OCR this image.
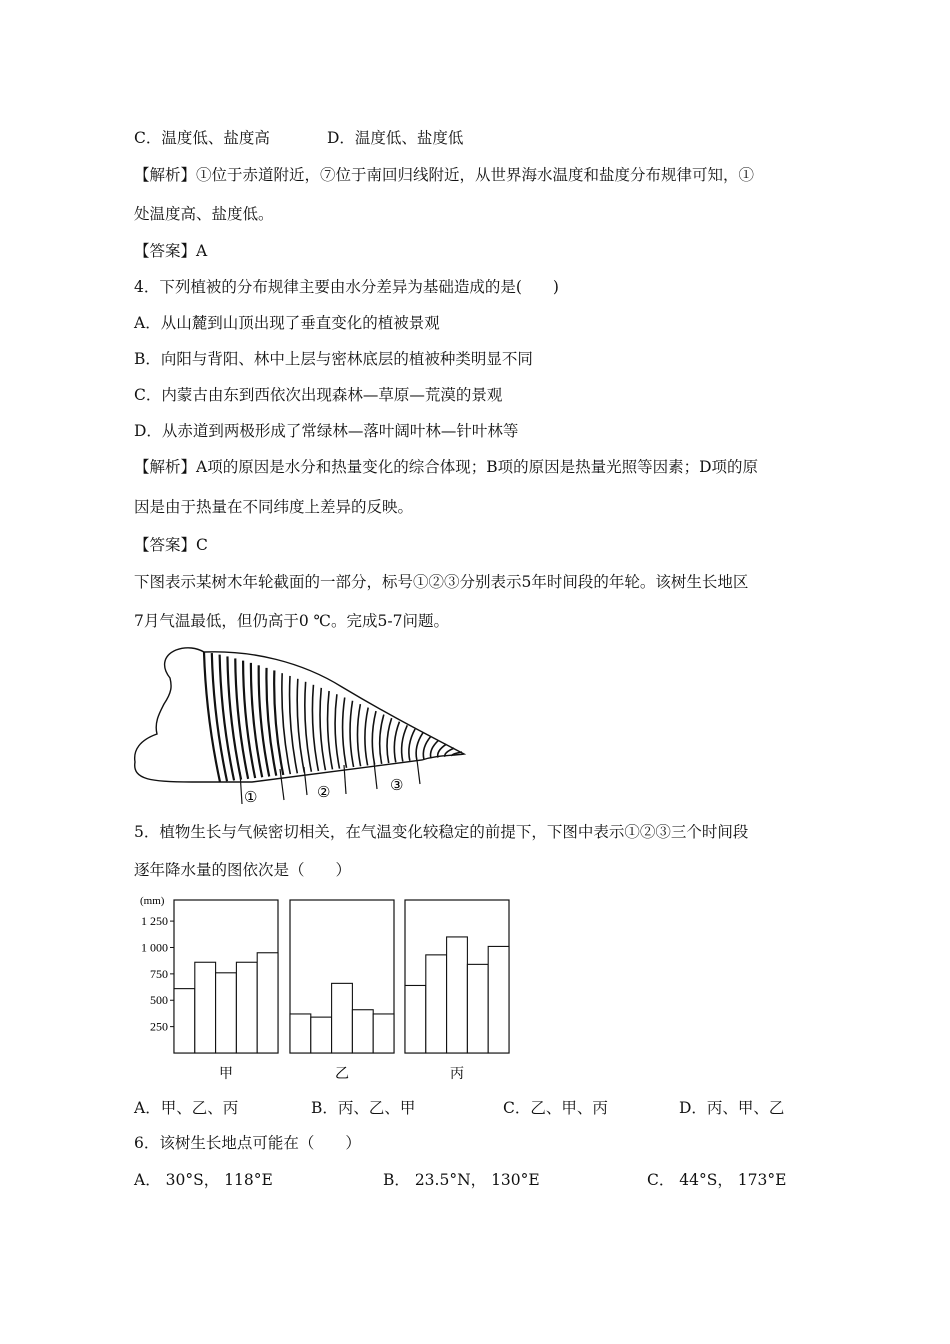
C．温度低、盐度高	D．温度低、盐度低
【解析】①位于赤道附近，⑦位于南回归线附近，从世界海水温度和盐度分布规律可知，①
处温度高、盐度低。
【答案】A
4．下列植被的分布规律主要由水分差异为基础造成的是(　　)
A．从山麓到山顶出现了垂直变化的植被景观
B．向阳与背阳、林中上层与密林底层的植被种类明显不同
C．内蒙古由东到西依次出现森林—草原—荒漠的景观
D．从赤道到两极形成了常绿林—落叶阔叶林—针叶林等
【解析】A项的原因是水分和热量变化的综合体现；B项的原因是热量光照等因素；D项的原
因是由于热量在不同纬度上差异的反映。
【答案】C
下图表示某树木年轮截面的一部分，标号①②③分别表示5年时间段的年轮。该树生长地区
7月气温最低，但仍高于0 ℃。完成5-7问题。
①	②	③
5．植物生长与气候密切相关，在气温变化较稳定的前提下，下图中表示①②③三个时间段
逐年降水量的图依次是（　　）
(mm)
1 250
1 000
750
500
250
甲	乙	丙
A．甲、乙、丙	B．丙、乙、甲	C．乙、甲、丙	D．丙、甲、乙
6．该树生长地点可能在（　　）
A． 30°S， 118°E	B． 23.5°N， 130°E	C． 44°S， 173°E
